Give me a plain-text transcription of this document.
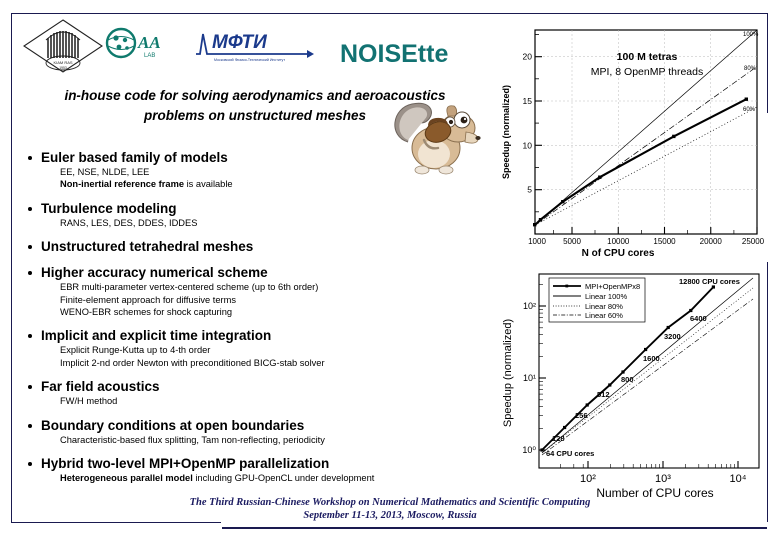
KIAM RAS
1953
AA
LAB
МФТИ
Московский Физико-Технический Институт NOISEtte
in-house code for solving aerodynamics and aeroacoustics
problems on unstructured meshes
Euler based family of models
EE, NSE, NLDE, LEE
Non-inertial reference frame is available
Turbulence modeling
RANS, LES, DES, DDES, IDDES
Unstructured tetrahedral meshes
Higher accuracy numerical scheme
EBR multi-parameter vertex-centered scheme (up to 6th order)
Finite-element approach for diffusive terms
WENO-EBR schemes for shock capturing
Implicit and explicit time integration
Explicit Runge-Kutta up to 4-th order
Implicit 2-nd order Newton with preconditioned BICG-stab solver
Far field acoustics
FW/H method
Boundary conditions at open boundaries
Characteristic-based flux splitting, Tam non-reflecting, periodicity
Hybrid two-level MPI+OpenМP parallelization
Heterogeneous parallel model including GPU-OpenСL under development
5
10
15
20
1000 5000	10000	15000	20000	25000
100%
80%
60%
100 M tetras
MPI, 8 OpenMP threads
N of CPU cores
Speedup (normalized)
10⁰
10¹
10²
10²	10³	10⁴
64 CPU cores
128
256
512
800
1600
3200
6400
12800 CPU cores
MPI+OpenMPx8
Linear 100%
Linear 80%
Linear 60%
Number of CPU cores
Speedup (normalized)
The Third Russian-Chinese Workshop on Numerical Mathematics and Scientific Computing
September 11-13, 2013, Moscow, Russia
